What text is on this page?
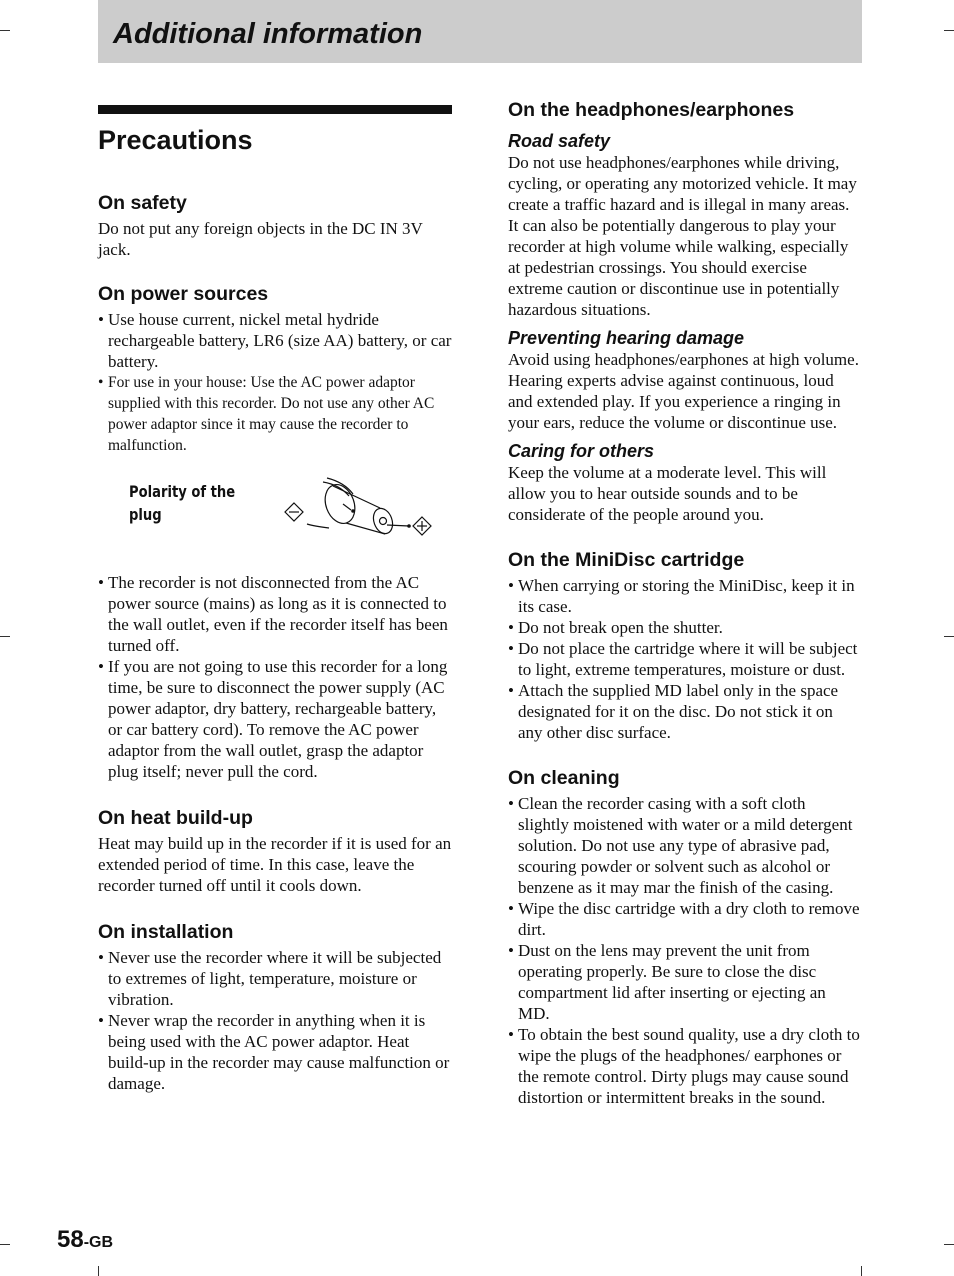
Additional information
Precautions
On safety

Do not put any foreign objects in the DC IN 3V jack.

On power sources
• Use house current, nickel metal hydride rechargeable battery, LR6 (size AA) battery, or car battery.
• For use in your house: Use the AC power adaptor supplied with this recorder. Do not use any other AC power adaptor since it may cause the recorder to malfunction.
Polarity of the
plug
• The recorder is not disconnected from the AC power source (mains) as long as it is connected to the wall outlet, even if the recorder itself has been turned off.
• If you are not going to use this recorder for a long time, be sure to disconnect the power supply (AC power adaptor, dry battery, rechargeable battery, or car battery cord). To remove the AC power adaptor from the wall outlet, grasp the adaptor plug itself; never pull the cord.
On heat build-up

Heat may build up in the recorder if it is used for an extended period of time. In this case, leave the recorder turned off until it cools down.

On installation
• Never use the recorder where it will be subjected to extremes of light, temperature, moisture or vibration.
• Never wrap the recorder in anything when it is being used with the AC power adaptor. Heat build-up in the recorder may cause malfunction or damage.
On the headphones/earphones
Road safety

Do not use headphones/earphones while driving, cycling, or operating any motorized vehicle. It may create a traffic hazard and is illegal in many areas. It can also be potentially dangerous to play your recorder at high volume while walking, especially at pedestrian crossings. You should exercise extreme caution or discontinue use in potentially hazardous situations.

Preventing hearing damage

Avoid using headphones/earphones at high volume. Hearing experts advise against continuous, loud and extended play. If you experience a ringing in your ears, reduce the volume or discontinue use.

Caring for others

Keep the volume at a moderate level. This will allow you to hear outside sounds and to be considerate of the people around you.

On the MiniDisc cartridge
• When carrying or storing the MiniDisc, keep it in its case.
• Do not break open the shutter.
• Do not place the cartridge where it will be subject to light, extreme temperatures, moisture or dust.
• Attach the supplied MD label only in the space designated for it on the disc. Do not stick it on any other disc surface.
On cleaning
• Clean the recorder casing with a soft cloth slightly moistened with water or a mild detergent solution. Do not use any type of abrasive pad, scouring powder or solvent such as alcohol or benzene as it may mar the finish of the casing.
• Wipe the disc cartridge with a dry cloth to remove dirt.
• Dust on the lens may prevent the unit from operating properly. Be sure to close the disc compartment lid after inserting or ejecting an MD.
• To obtain the best sound quality, use a dry cloth to wipe the plugs of the headphones/ earphones or the remote control. Dirty plugs may cause sound distortion or intermittent breaks in the sound.
58-GB
